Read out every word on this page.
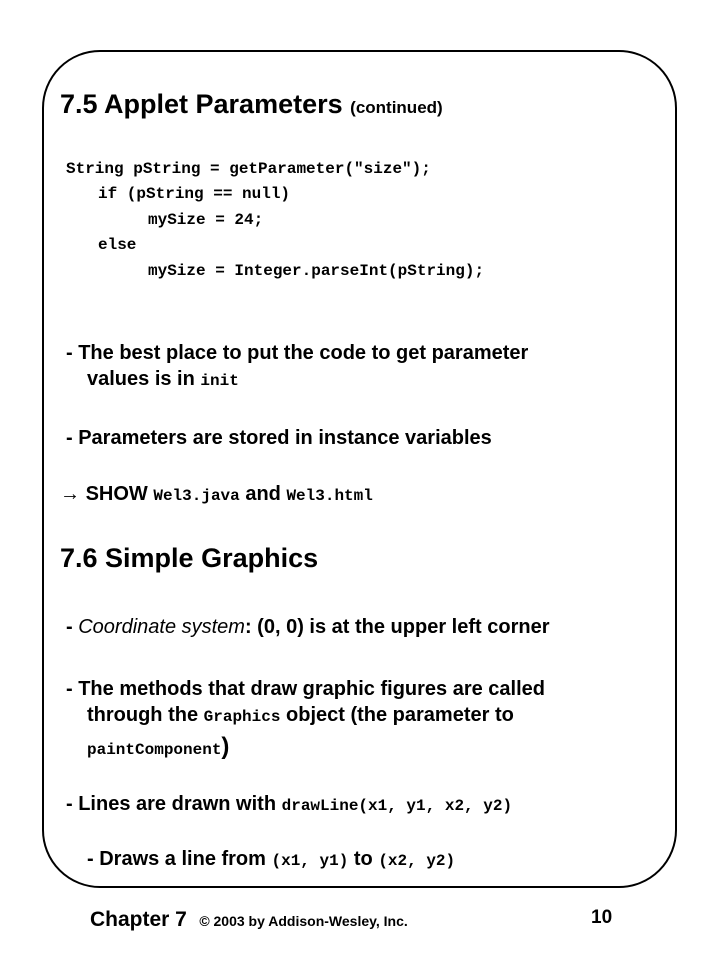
7.5 Applet Parameters (continued)
String pString = getParameter("size");
if (pString == null)
mySize = 24;
else
mySize = Integer.parseInt(pString);
- The best place to put the code to get parameter
values is in init
- Parameters are stored in instance variables
→ SHOW Wel3.java and Wel3.html
7.6 Simple Graphics
- Coordinate system: (0, 0) is at the upper left corner
- The methods that draw graphic figures are called
through the Graphics object (the parameter to
paintComponent)
- Lines are drawn with drawLine(x1, y1, x2, y2)
- Draws a line from (x1, y1) to (x2, y2)
Chapter 7 © 2003 by Addison-Wesley, Inc.	10
